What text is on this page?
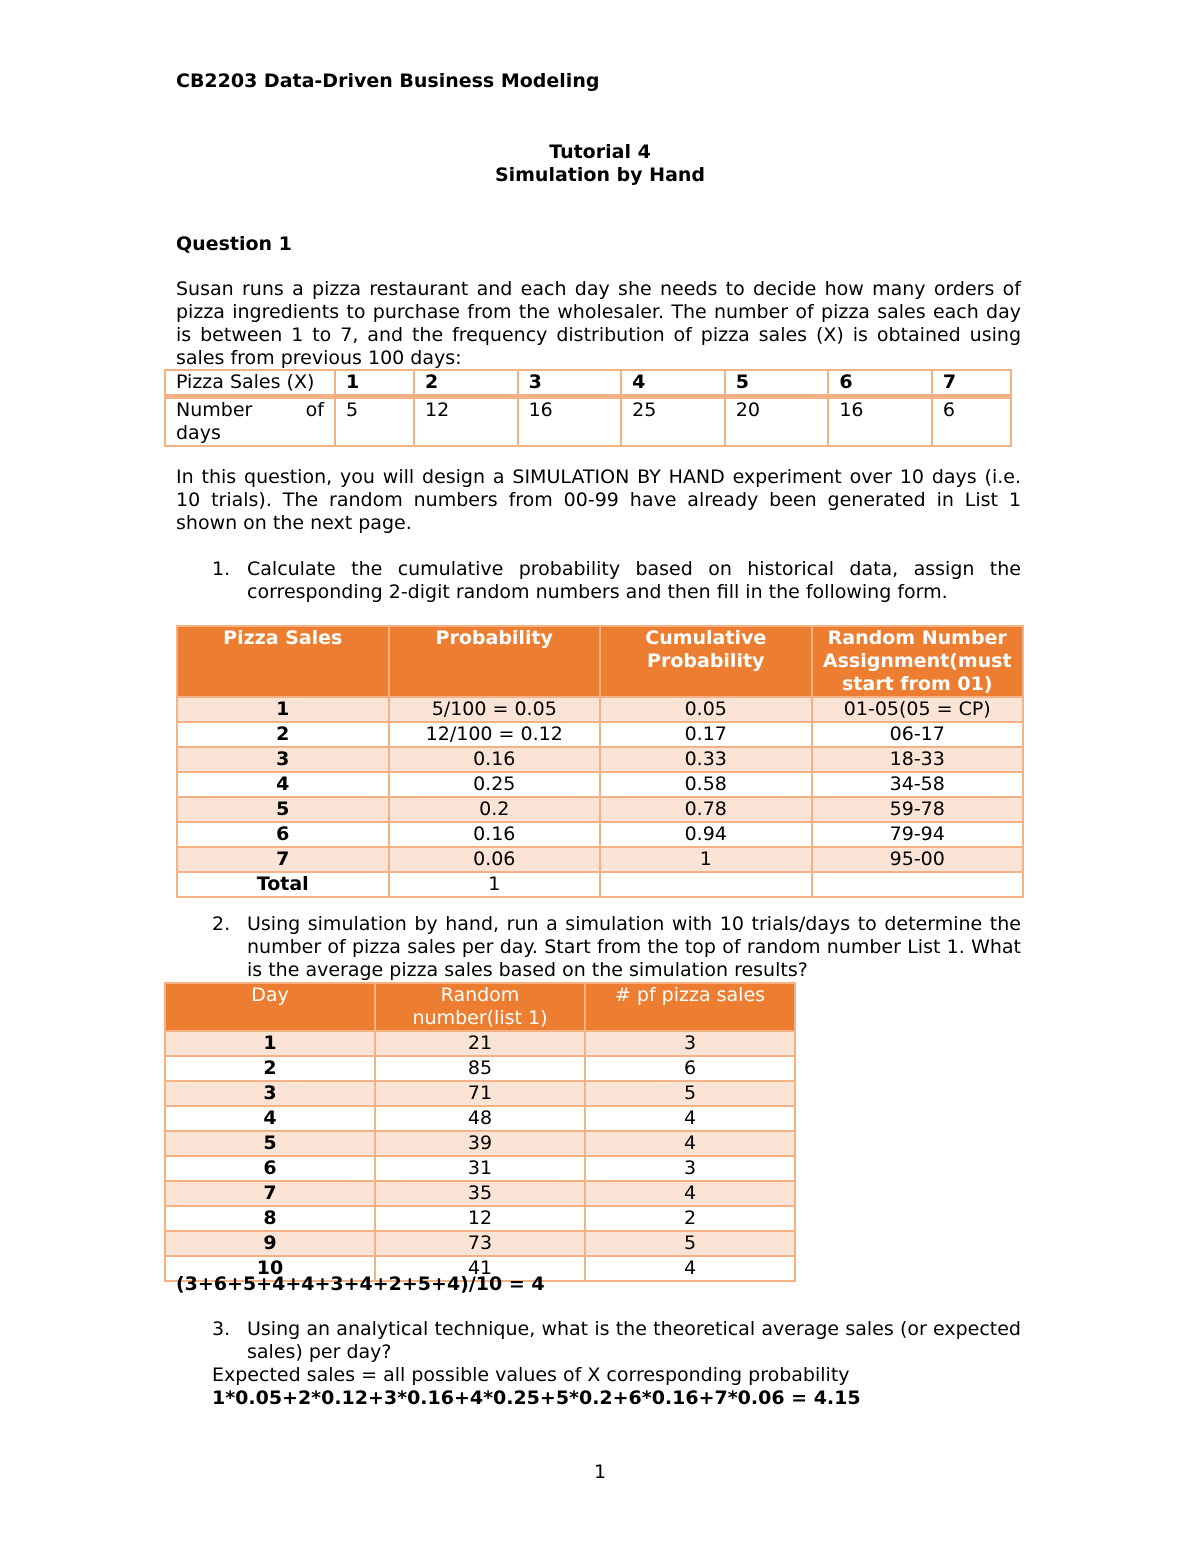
CB2203 Data-Driven Business Modeling
Tutorial 4
Simulation by Hand
Question 1
Susan runs a pizza restaurant and each day she needs to decide how many orders of pizza ingredients to purchase from the wholesaler. The number of pizza sales each day is between 1 to 7, and the frequency distribution of pizza sales (X) is obtained using sales from previous 100 days:
Pizza Sales (X)	1	2	3	4	5	6	7
Number of days	5	12	16	25	20	16	6
In this question, you will design a SIMULATION BY HAND experiment over 10 days (i.e. 10 trials). The random numbers from 00-99 have already been generated in List 1 shown on the next page.
1. Calculate the cumulative probability based on historical data, assign the corresponding 2-digit random numbers and then fill in the following form.
Pizza Sales	Probability	Cumulative Probability	Random Number Assignment(must start from 01)
1	5/100 = 0.05	0.05	01-05(05 = CP)
2	12/100 = 0.12	0.17	06-17
3	0.16	0.33	18-33
4	0.25	0.58	34-58
5	0.2	0.78	59-78
6	0.16	0.94	79-94
7	0.06	1	95-00
Total	1		
2. Using simulation by hand, run a simulation with 10 trials/days to determine the number of pizza sales per day. Start from the top of random number List 1. What is the average pizza sales based on the simulation results?
Day	Random number(list 1)	# pf pizza sales
1	21	3
2	85	6
3	71	5
4	48	4
5	39	4
6	31	3
7	35	4
8	12	2
9	73	5
10	41	4
(3+6+5+4+4+3+4+2+5+4)/10 = 4
3. Using an analytical technique, what is the theoretical average sales (or expected sales) per day?
Expected sales = all possible values of X corresponding probability
1*0.05+2*0.12+3*0.16+4*0.25+5*0.2+6*0.16+7*0.06 = 4.15
1
